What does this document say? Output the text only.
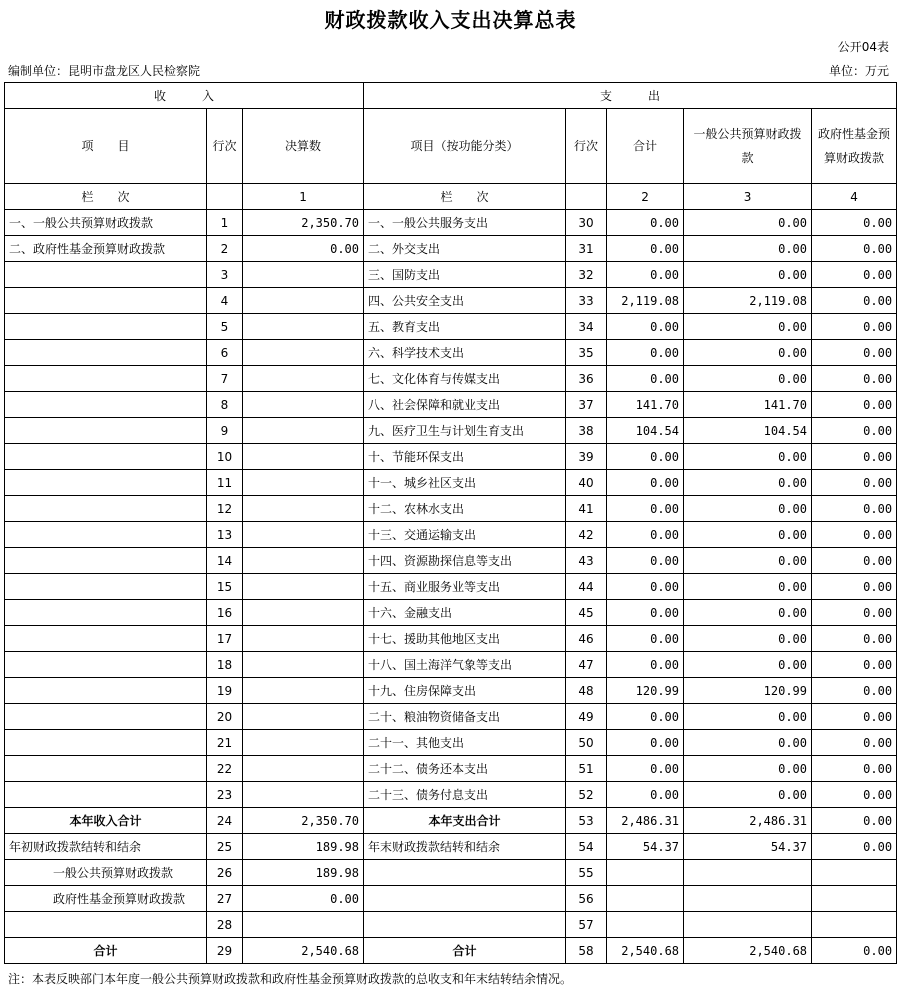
财政拨款收入支出决算总表
公开04表
编制单位：昆明市盘龙区人民检察院	单位：万元
收　　　入			支　　　出				
项　　目	行次	决算数	项目（按功能分类）	行次	合计	一般公共预算财政拨款	政府性基金预算财政拨款
栏　　次		1	栏　　次		2	3	4
一、一般公共预算财政拨款	1	2,350.70	一、一般公共服务支出	30	0.00	0.00	0.00
二、政府性基金预算财政拨款	2	0.00	二、外交支出	31	0.00	0.00	0.00
	3		三、国防支出	32	0.00	0.00	0.00
	4		四、公共安全支出	33	2,119.08	2,119.08	0.00
	5		五、教育支出	34	0.00	0.00	0.00
	6		六、科学技术支出	35	0.00	0.00	0.00
	7		七、文化体育与传媒支出	36	0.00	0.00	0.00
	8		八、社会保障和就业支出	37	141.70	141.70	0.00
	9		九、医疗卫生与计划生育支出	38	104.54	104.54	0.00
	10		十、节能环保支出	39	0.00	0.00	0.00
	11		十一、城乡社区支出	40	0.00	0.00	0.00
	12		十二、农林水支出	41	0.00	0.00	0.00
	13		十三、交通运输支出	42	0.00	0.00	0.00
	14		十四、资源勘探信息等支出	43	0.00	0.00	0.00
	15		十五、商业服务业等支出	44	0.00	0.00	0.00
	16		十六、金融支出	45	0.00	0.00	0.00
	17		十七、援助其他地区支出	46	0.00	0.00	0.00
	18		十八、国土海洋气象等支出	47	0.00	0.00	0.00
	19		十九、住房保障支出	48	120.99	120.99	0.00
	20		二十、粮油物资储备支出	49	0.00	0.00	0.00
	21		二十一、其他支出	50	0.00	0.00	0.00
	22		二十二、债务还本支出	51	0.00	0.00	0.00
	23		二十三、债务付息支出	52	0.00	0.00	0.00
本年收入合计	24	2,350.70	本年支出合计	53	2,486.31	2,486.31	0.00
年初财政拨款结转和结余	25	189.98	年末财政拨款结转和结余	54	54.37	54.37	0.00
一般公共预算财政拨款	26	189.98		55			
政府性基金预算财政拨款	27	0.00		56			
	28			57			
合计	29	2,540.68	合计	58	2,540.68	2,540.68	0.00
注：本表反映部门本年度一般公共预算财政拨款和政府性基金预算财政拨款的总收支和年末结转结余情况。
